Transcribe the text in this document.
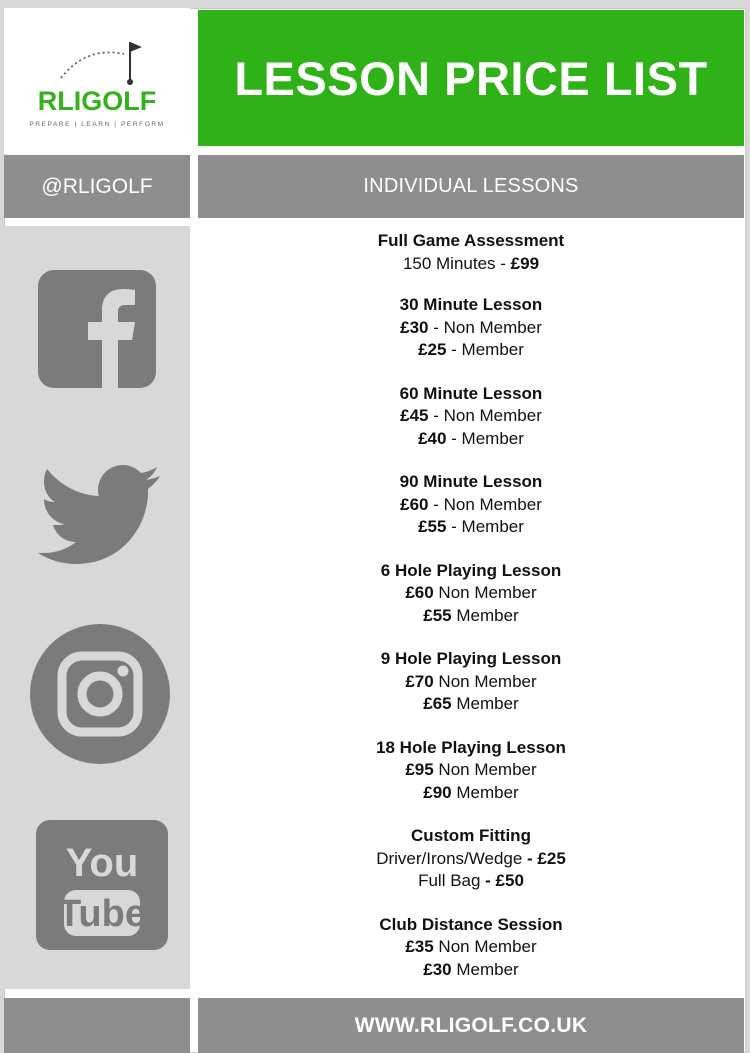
RLIGOLF
PREPARE | LEARN | PERFORM
LESSON PRICE LIST
@RLIGOLF	INDIVIDUAL LESSONS
You
Tube
Full Game Assessment
150 Minutes - £99
30 Minute Lesson
£30 - Non Member
£25 - Member
60 Minute Lesson
£45 - Non Member
£40 - Member
90 Minute Lesson
£60 - Non Member
£55 - Member
6 Hole Playing Lesson
£60 Non Member
£55 Member
9 Hole Playing Lesson
£70 Non Member
£65 Member
18 Hole Playing Lesson
£95 Non Member
£90 Member
Custom Fitting
Driver/Irons/Wedge - £25
Full Bag - £50
Club Distance Session
£35 Non Member
£30 Member
WWW.RLIGOLF.CO.UK
